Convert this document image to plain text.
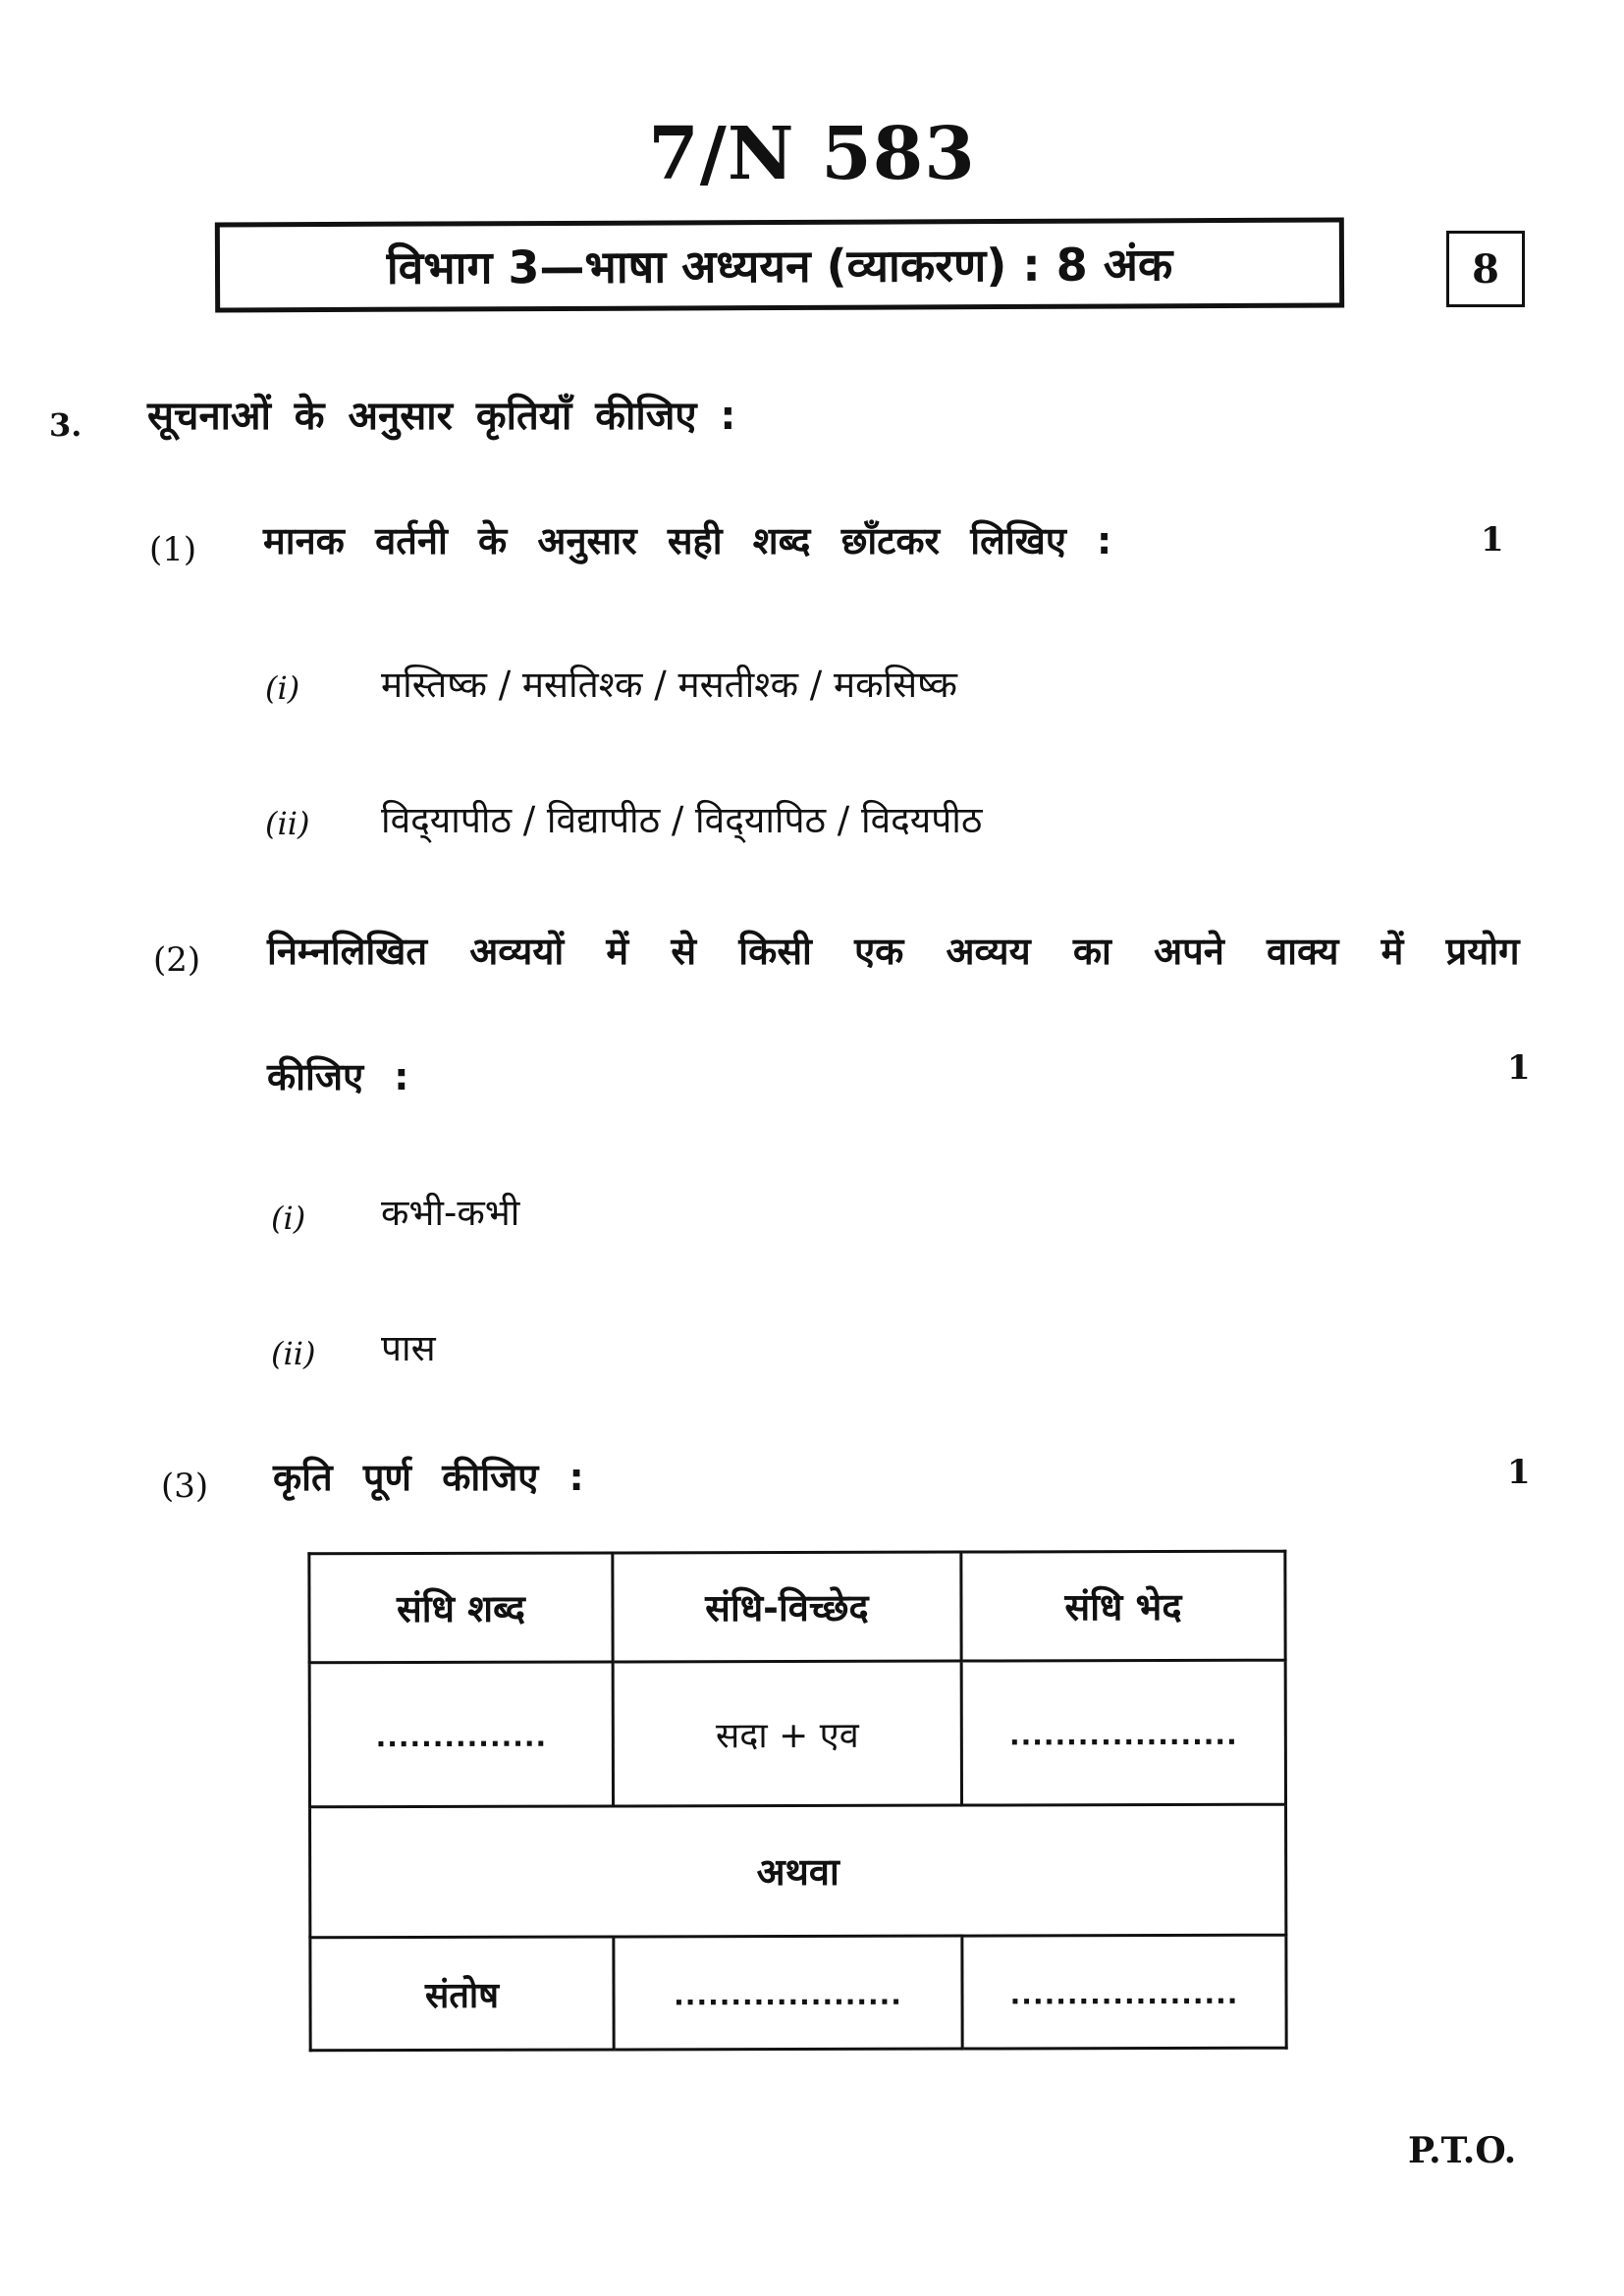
7/N 583
विभाग 3—भाषा अध्ययन (व्याकरण) : 8 अंक	8
3. सूचनाओं के अनुसार कृतियाँ कीजिए :
(1) मानक वर्तनी के अनुसार सही शब्द छाँटकर लिखिए :	1
(i) मस्तिष्क / मसतिश्क / मसतीश्क / मकसिष्क
(ii) विद्‌यापीठ / विद्यापीठ / विद्‌यापिठ / विदयपीठ
(2) निम्नलिखित अव्ययों में से किसी एक अव्यय का अपने वाक्य में प्रयोग
कीजिए :	1
(i) कभी-कभी
(ii) पास
(3) कृति पूर्ण कीजिए :	1
संधि शब्द	संधि-विच्छेद	संधि भेद
...............	सदा + एव	....................
अथवा		
संतोष	....................	....................
P.T.O.
